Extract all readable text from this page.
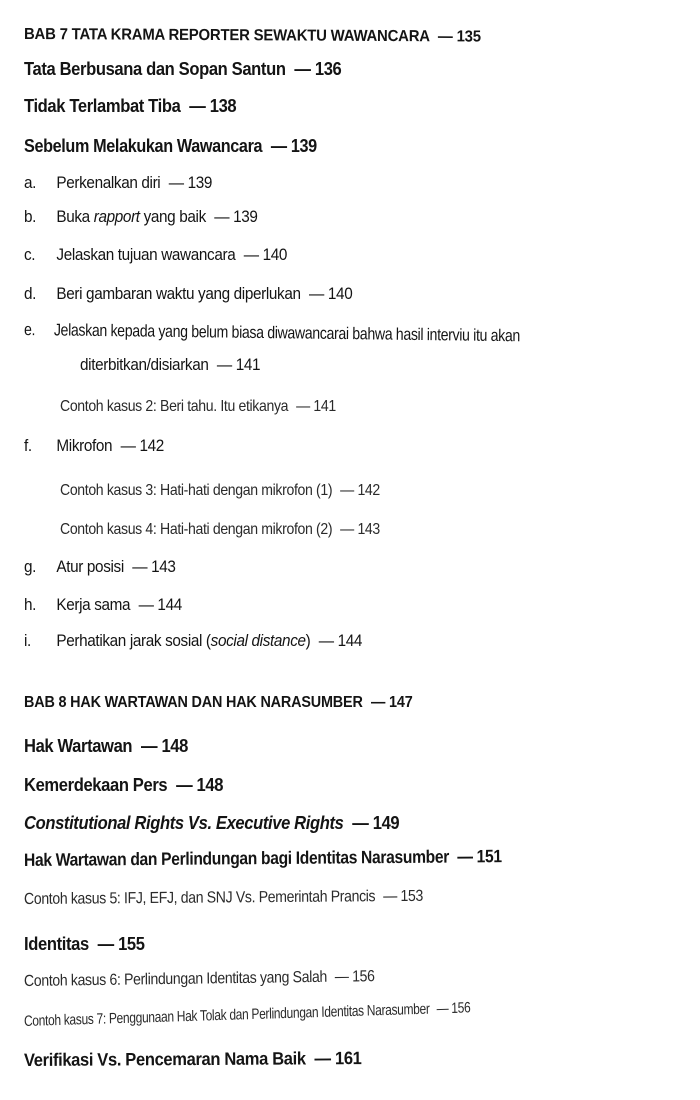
BAB 7 TATA KRAMA REPORTER SEWAKTU WAWANCARA — 135
Tata Berbusana dan Sopan Santun — 136
Tidak Terlambat Tiba — 138
Sebelum Melakukan Wawancara — 139
a. Perkenalkan diri — 139
b. Buka rapport yang baik — 139
c. Jelaskan tujuan wawancara — 140
d. Beri gambaran waktu yang diperlukan — 140
e. Jelaskan kepada yang belum biasa diwawancarai bahwa hasil interviu itu akan
diterbitkan/disiarkan — 141
Contoh kasus 2: Beri tahu. Itu etikanya — 141
f. Mikrofon — 142
Contoh kasus 3: Hati-hati dengan mikrofon (1) — 142
Contoh kasus 4: Hati-hati dengan mikrofon (2) — 143
g. Atur posisi — 143
h. Kerja sama — 144
i. Perhatikan jarak sosial (social distance) — 144
BAB 8 HAK WARTAWAN DAN HAK NARASUMBER — 147
Hak Wartawan — 148
Kemerdekaan Pers — 148
Constitutional Rights Vs. Executive Rights — 149
Hak Wartawan dan Perlindungan bagi Identitas Narasumber — 151
Contoh kasus 5: IFJ, EFJ, dan SNJ Vs. Pemerintah Prancis — 153
Identitas — 155
Contoh kasus 6: Perlindungan Identitas yang Salah — 156
Contoh kasus 7: Penggunaan Hak Tolak dan Perlindungan Identitas Narasumber — 156
Verifikasi Vs. Pencemaran Nama Baik — 161
